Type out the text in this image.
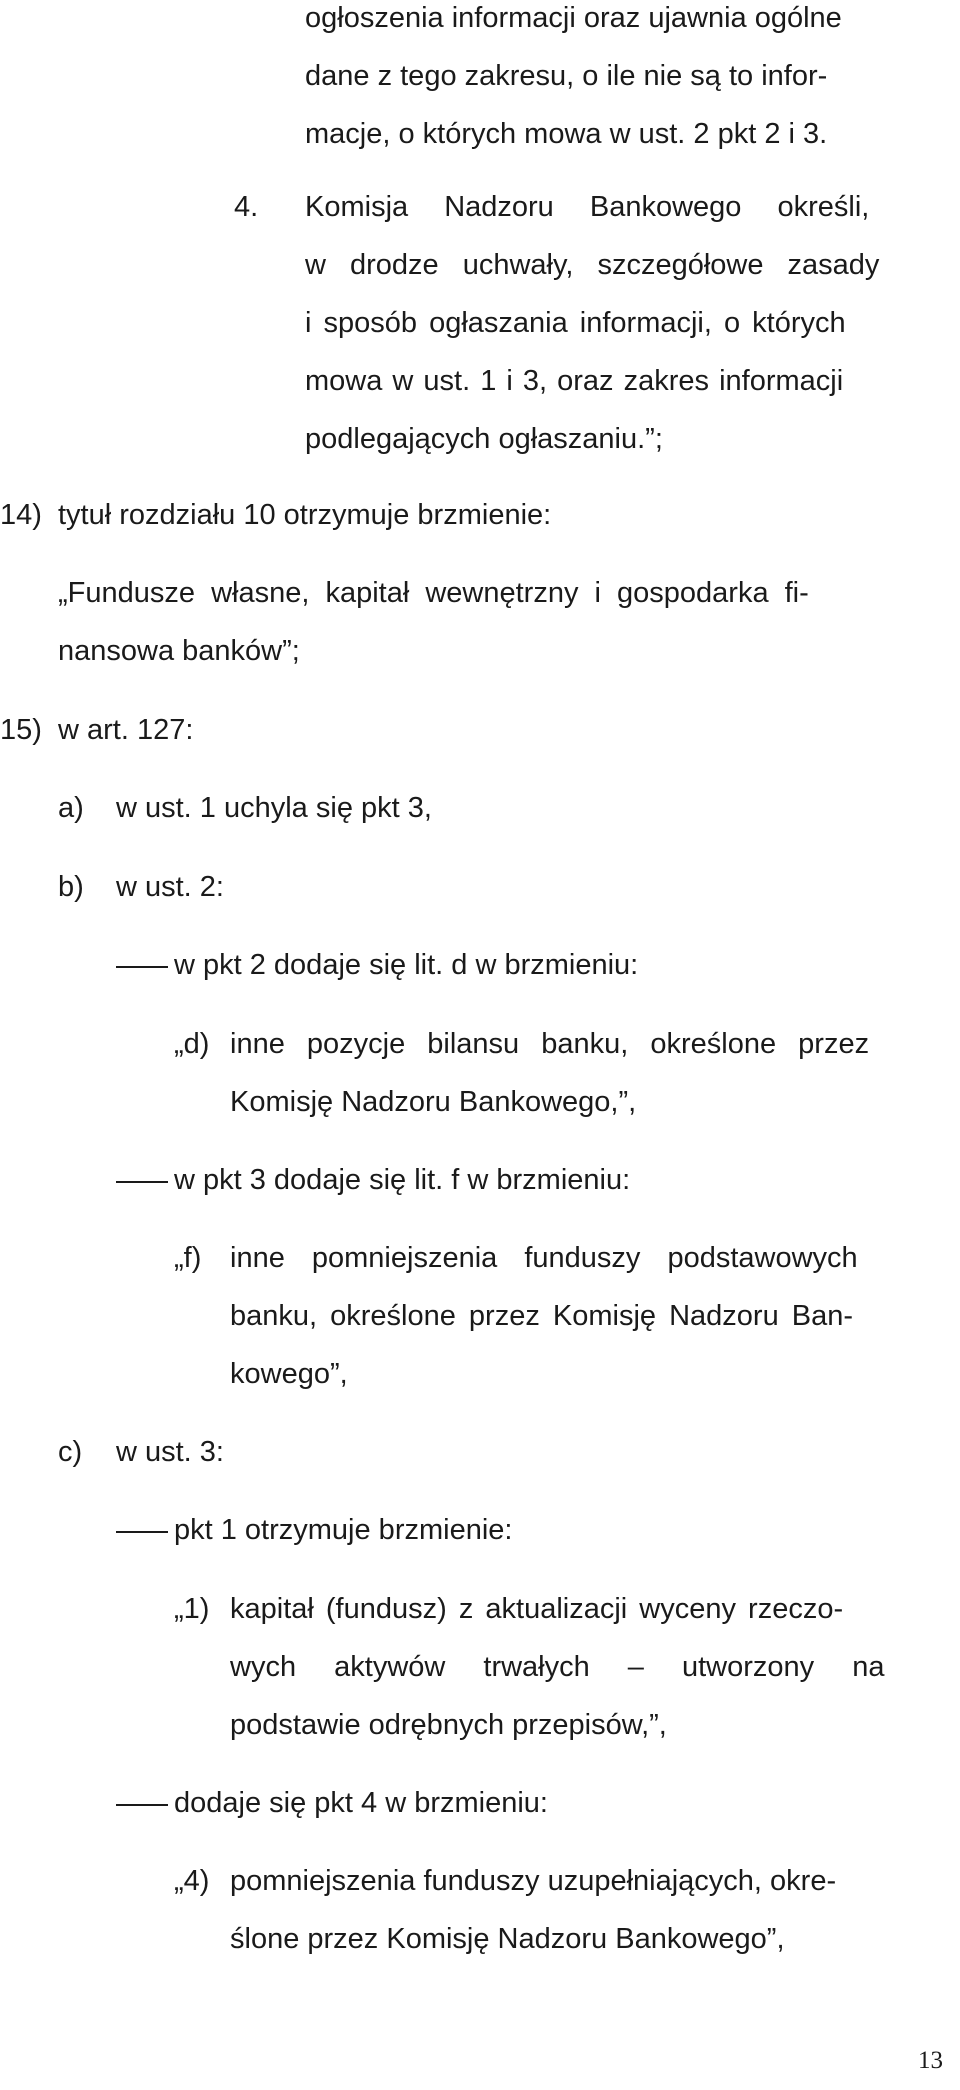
ogłoszenia informacji oraz ujawnia ogólne
dane z tego zakresu, o ile nie są to infor-
macje, o których mowa w ust. 2 pkt 2 i 3.
4. Komisja Nadzoru Bankowego określi,
w drodze uchwały, szczegółowe zasady
i sposób ogłaszania informacji, o których
mowa w ust. 1 i 3, oraz zakres informacji
podlegających ogłaszaniu.”;
14) tytuł rozdziału 10 otrzymuje brzmienie:
„Fundusze własne, kapitał wewnętrzny i gospodarka fi-
nansowa banków”;
15) w art. 127:
a) w ust. 1 uchyla się pkt 3,
b) w ust. 2:
w pkt 2 dodaje się lit. d w brzmieniu:
„d) inne pozycje bilansu banku, określone przez
Komisję Nadzoru Bankowego,”,
w pkt 3 dodaje się lit. f w brzmieniu:
„f) inne pomniejszenia funduszy podstawowych
banku, określone przez Komisję Nadzoru Ban-
kowego”,
c) w ust. 3:
pkt 1 otrzymuje brzmienie:
„1) kapitał (fundusz) z aktualizacji wyceny rzeczo-
wych aktywów trwałych – utworzony na
podstawie odrębnych przepisów,”,
dodaje się pkt 4 w brzmieniu:
„4) pomniejszenia funduszy uzupełniających, okre-
ślone przez Komisję Nadzoru Bankowego”,
13
